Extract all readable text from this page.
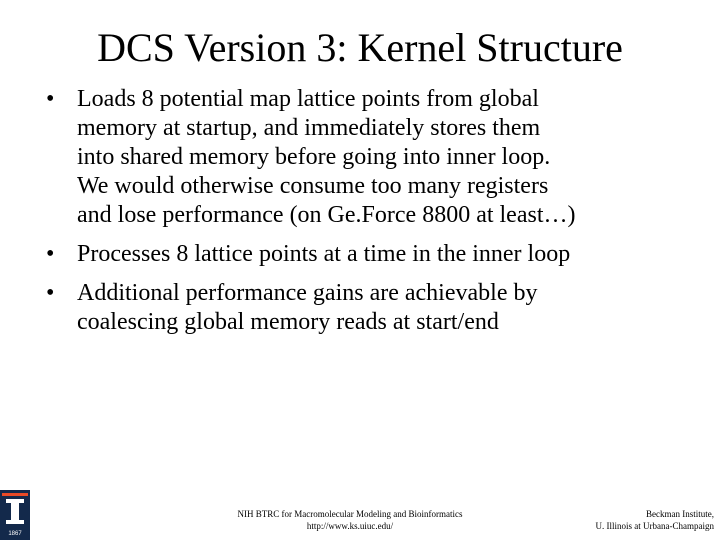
DCS Version 3: Kernel Structure
• Loads 8 potential map lattice points from global
memory at startup, and immediately stores them
into shared memory before going into inner loop.
We would otherwise consume too many registers
and lose performance (on Ge.Force 8800 at least…)
• Processes 8 lattice points at a time in the inner loop
• Additional performance gains are achievable by
coalescing global memory reads at start/end
1867
NIH BTRC for Macromolecular Modeling and Bioinformatics
http://www.ks.uiuc.edu/
Beckman Institute,
U. Illinois at Urbana-Champaign
